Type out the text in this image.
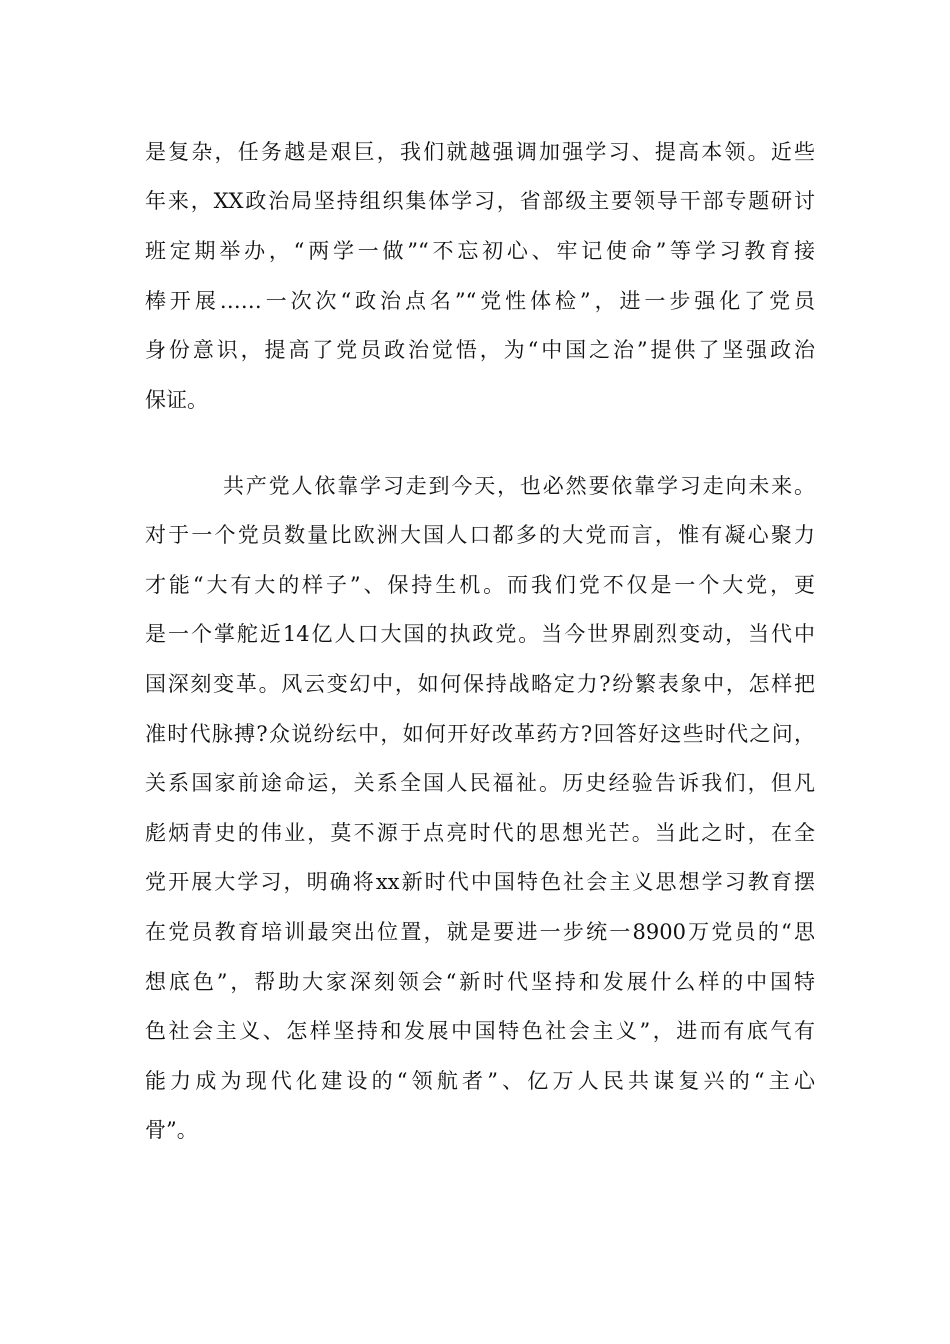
是复杂，任务越是艰巨，我们就越强调加强学习、提高本领。近些
年来，XX政治局坚持组织集体学习，省部级主要领导干部专题研讨
班定期举办，“两学一做”“不忘初心、牢记使命”等学习教育接
棒开展……一次次“政治点名”“党性体检”，进一步强化了党员
身份意识，提高了党员政治觉悟，为“中国之治”提供了坚强政治
保证。
共产党人依靠学习走到今天，也必然要依靠学习走向未来。
对于一个党员数量比欧洲大国人口都多的大党而言，惟有凝心聚力
才能“大有大的样子”、保持生机。而我们党不仅是一个大党，更
是一个掌舵近14亿人口大国的执政党。当今世界剧烈变动，当代中
国深刻变革。风云变幻中，如何保持战略定力?纷繁表象中，怎样把
准时代脉搏?众说纷纭中，如何开好改革药方?回答好这些时代之问，
关系国家前途命运，关系全国人民福祉。历史经验告诉我们，但凡
彪炳青史的伟业，莫不源于点亮时代的思想光芒。当此之时，在全
党开展大学习，明确将xx新时代中国特色社会主义思想学习教育摆
在党员教育培训最突出位置，就是要进一步统一8900万党员的“思
想底色”，帮助大家深刻领会“新时代坚持和发展什么样的中国特
色社会主义、怎样坚持和发展中国特色社会主义”，进而有底气有
能力成为现代化建设的“领航者”、亿万人民共谋复兴的“主心
骨”。
